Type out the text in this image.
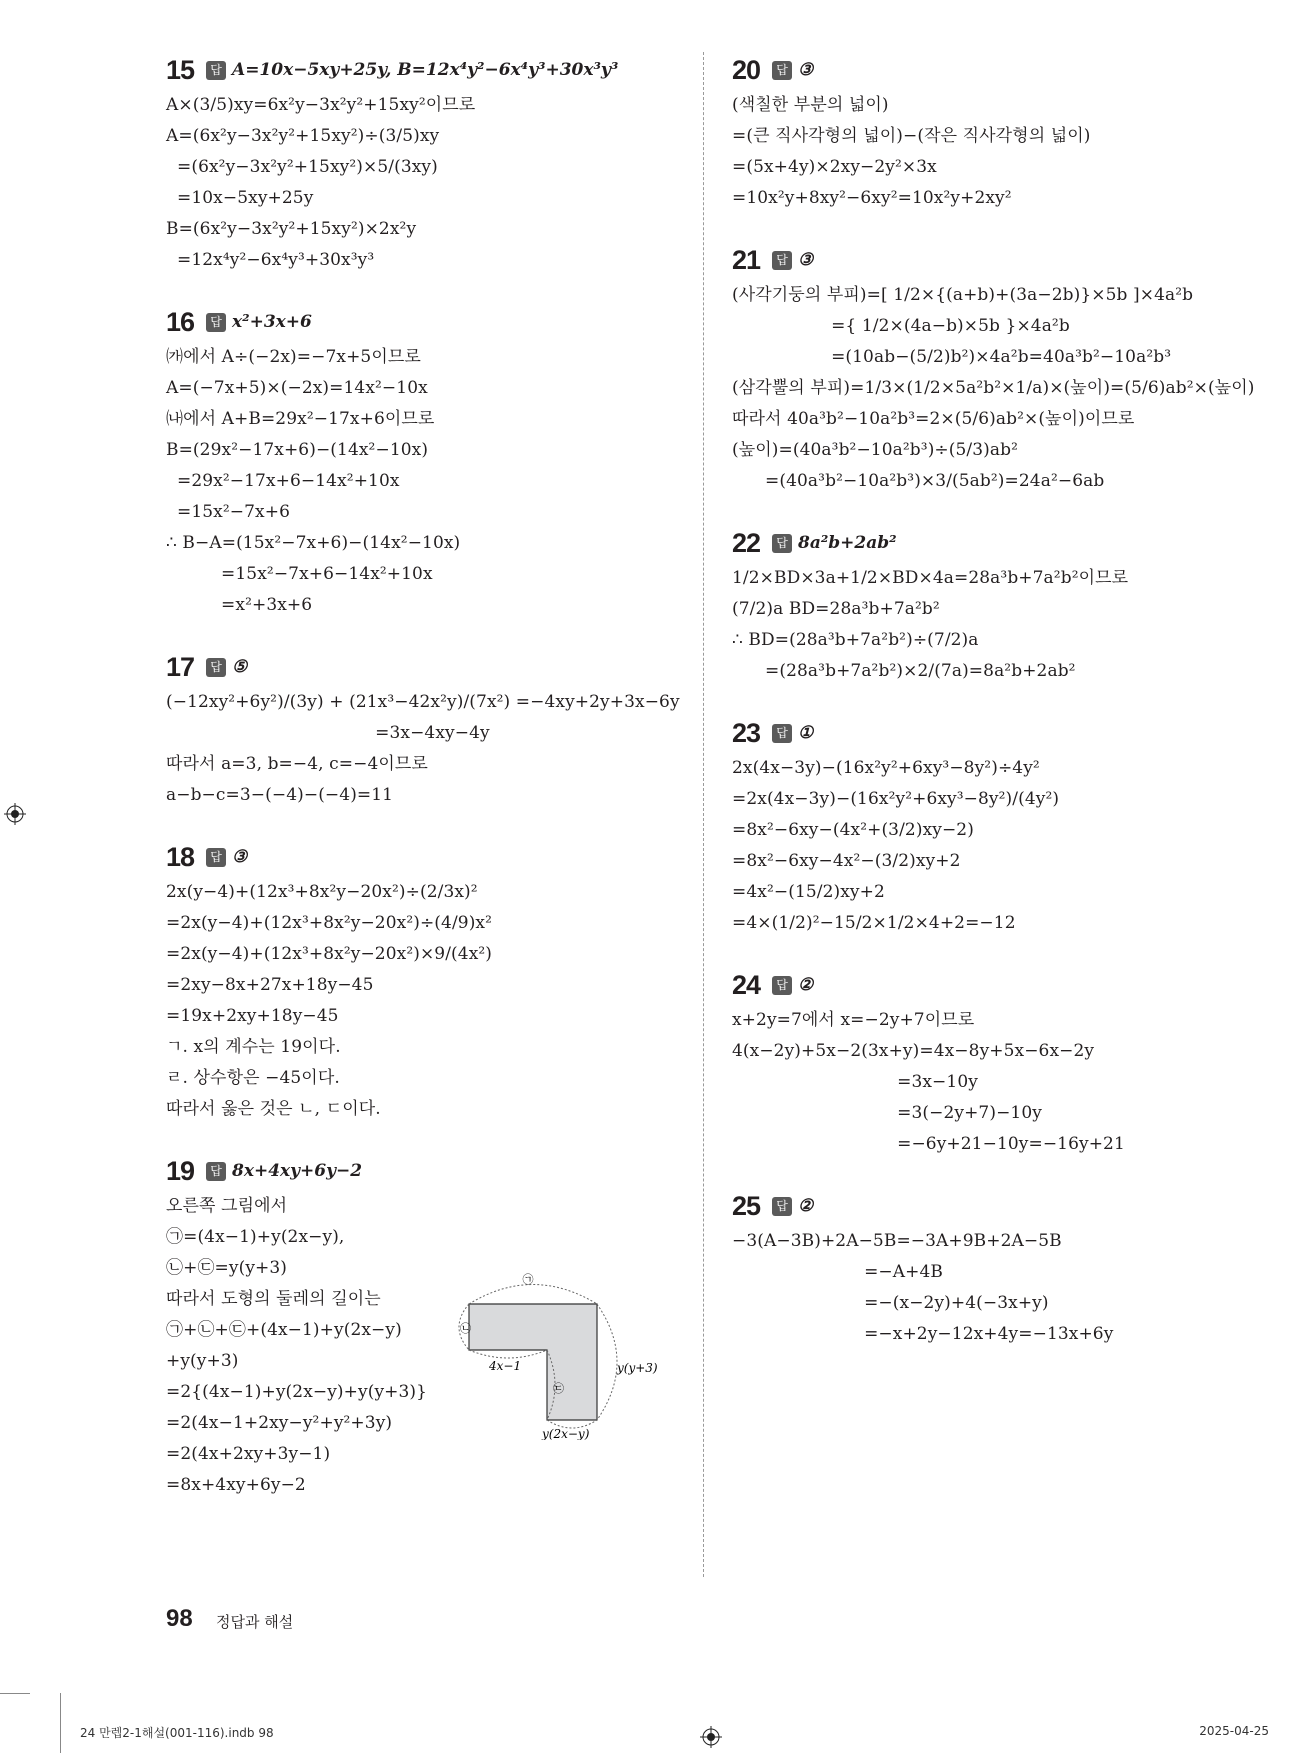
15	답 A=10x−5xy+25y, B=12x⁴y²−6x⁴y³+30x³y³
A×(3/5)xy=6x²y−3x²y²+15xy²이므로
A=(6x²y−3x²y²+15xy²)÷(3/5)xy
=(6x²y−3x²y²+15xy²)×5/(3xy)
=10x−5xy+25y
B=(6x²y−3x²y²+15xy²)×2x²y
=12x⁴y²−6x⁴y³+30x³y³
16	답 x²+3x+6
㈎에서 A÷(−2x)=−7x+5이므로
A=(−7x+5)×(−2x)=14x²−10x
㈏에서 A+B=29x²−17x+6이므로
B=(29x²−17x+6)−(14x²−10x)
=29x²−17x+6−14x²+10x
=15x²−7x+6
∴ B−A=(15x²−7x+6)−(14x²−10x)
=15x²−7x+6−14x²+10x
=x²+3x+6
17	답 ⑤
(−12xy²+6y²)/(3y) + (21x³−42x²y)/(7x²) =−4xy+2y+3x−6y
=3x−4xy−4y
따라서 a=3, b=−4, c=−4이므로
a−b−c=3−(−4)−(−4)=11
18	답 ③
2x(y−4)+(12x³+8x²y−20x²)÷(2/3x)²
=2x(y−4)+(12x³+8x²y−20x²)÷(4/9)x²
=2x(y−4)+(12x³+8x²y−20x²)×9/(4x²)
=2xy−8x+27x+18y−45
=19x+2xy+18y−45
ㄱ. x의 계수는 19이다.
ㄹ. 상수항은 −45이다.
따라서 옳은 것은 ㄴ, ㄷ이다.
19	답 8x+4xy+6y−2
오른쪽 그림에서
㉠=(4x−1)+y(2x−y),
㉡+㉢=y(y+3)
따라서 도형의 둘레의 길이는
㉠+㉡+㉢+(4x−1)+y(2x−y)
+y(y+3)
=2{(4x−1)+y(2x−y)+y(y+3)}
=2(4x−1+2xy−y²+y²+3y)
=2(4x+2xy+3y−1)
=8x+4xy+6y−2
20	답 ③
(색칠한 부분의 넓이)
=(큰 직사각형의 넓이)−(작은 직사각형의 넓이)
=(5x+4y)×2xy−2y²×3x
=10x²y+8xy²−6xy²=10x²y+2xy²
21	답 ③
(사각기둥의 부피)=[ 1/2×{(a+b)+(3a−2b)}×5b ]×4a²b
={ 1/2×(4a−b)×5b }×4a²b
=(10ab−(5/2)b²)×4a²b=40a³b²−10a²b³
(삼각뿔의 부피)=1/3×(1/2×5a²b²×1/a)×(높이)=(5/6)ab²×(높이)
따라서 40a³b²−10a²b³=2×(5/6)ab²×(높이)이므로
(높이)=(40a³b²−10a²b³)÷(5/3)ab²
=(40a³b²−10a²b³)×3/(5ab²)=24a²−6ab
22	답 8a²b+2ab²
1/2×BD×3a+1/2×BD×4a=28a³b+7a²b²이므로
(7/2)a BD=28a³b+7a²b²
∴ BD=(28a³b+7a²b²)÷(7/2)a
=(28a³b+7a²b²)×2/(7a)=8a²b+2ab²
23	답 ①
2x(4x−3y)−(16x²y²+6xy³−8y²)÷4y²
=2x(4x−3y)−(16x²y²+6xy³−8y²)/(4y²)
=8x²−6xy−(4x²+(3/2)xy−2)
=8x²−6xy−4x²−(3/2)xy+2
=4x²−(15/2)xy+2
=4×(1/2)²−15/2×1/2×4+2=−12
24	답 ②
x+2y=7에서 x=−2y+7이므로
4(x−2y)+5x−2(3x+y)=4x−8y+5x−6x−2y
=3x−10y
=3(−2y+7)−10y
=−6y+21−10y=−16y+21
25	답 ②
−3(A−3B)+2A−5B=−3A+9B+2A−5B
=−A+4B
=−(x−2y)+4(−3x+y)
=−x+2y−12x+4y=−13x+6y
㉠
㉡
㉢
4x−1	y(y+3)
y(2x−y)
98 정답과 해설
24 만렙2-1해설(001-116).indb 98	2025-04-25
